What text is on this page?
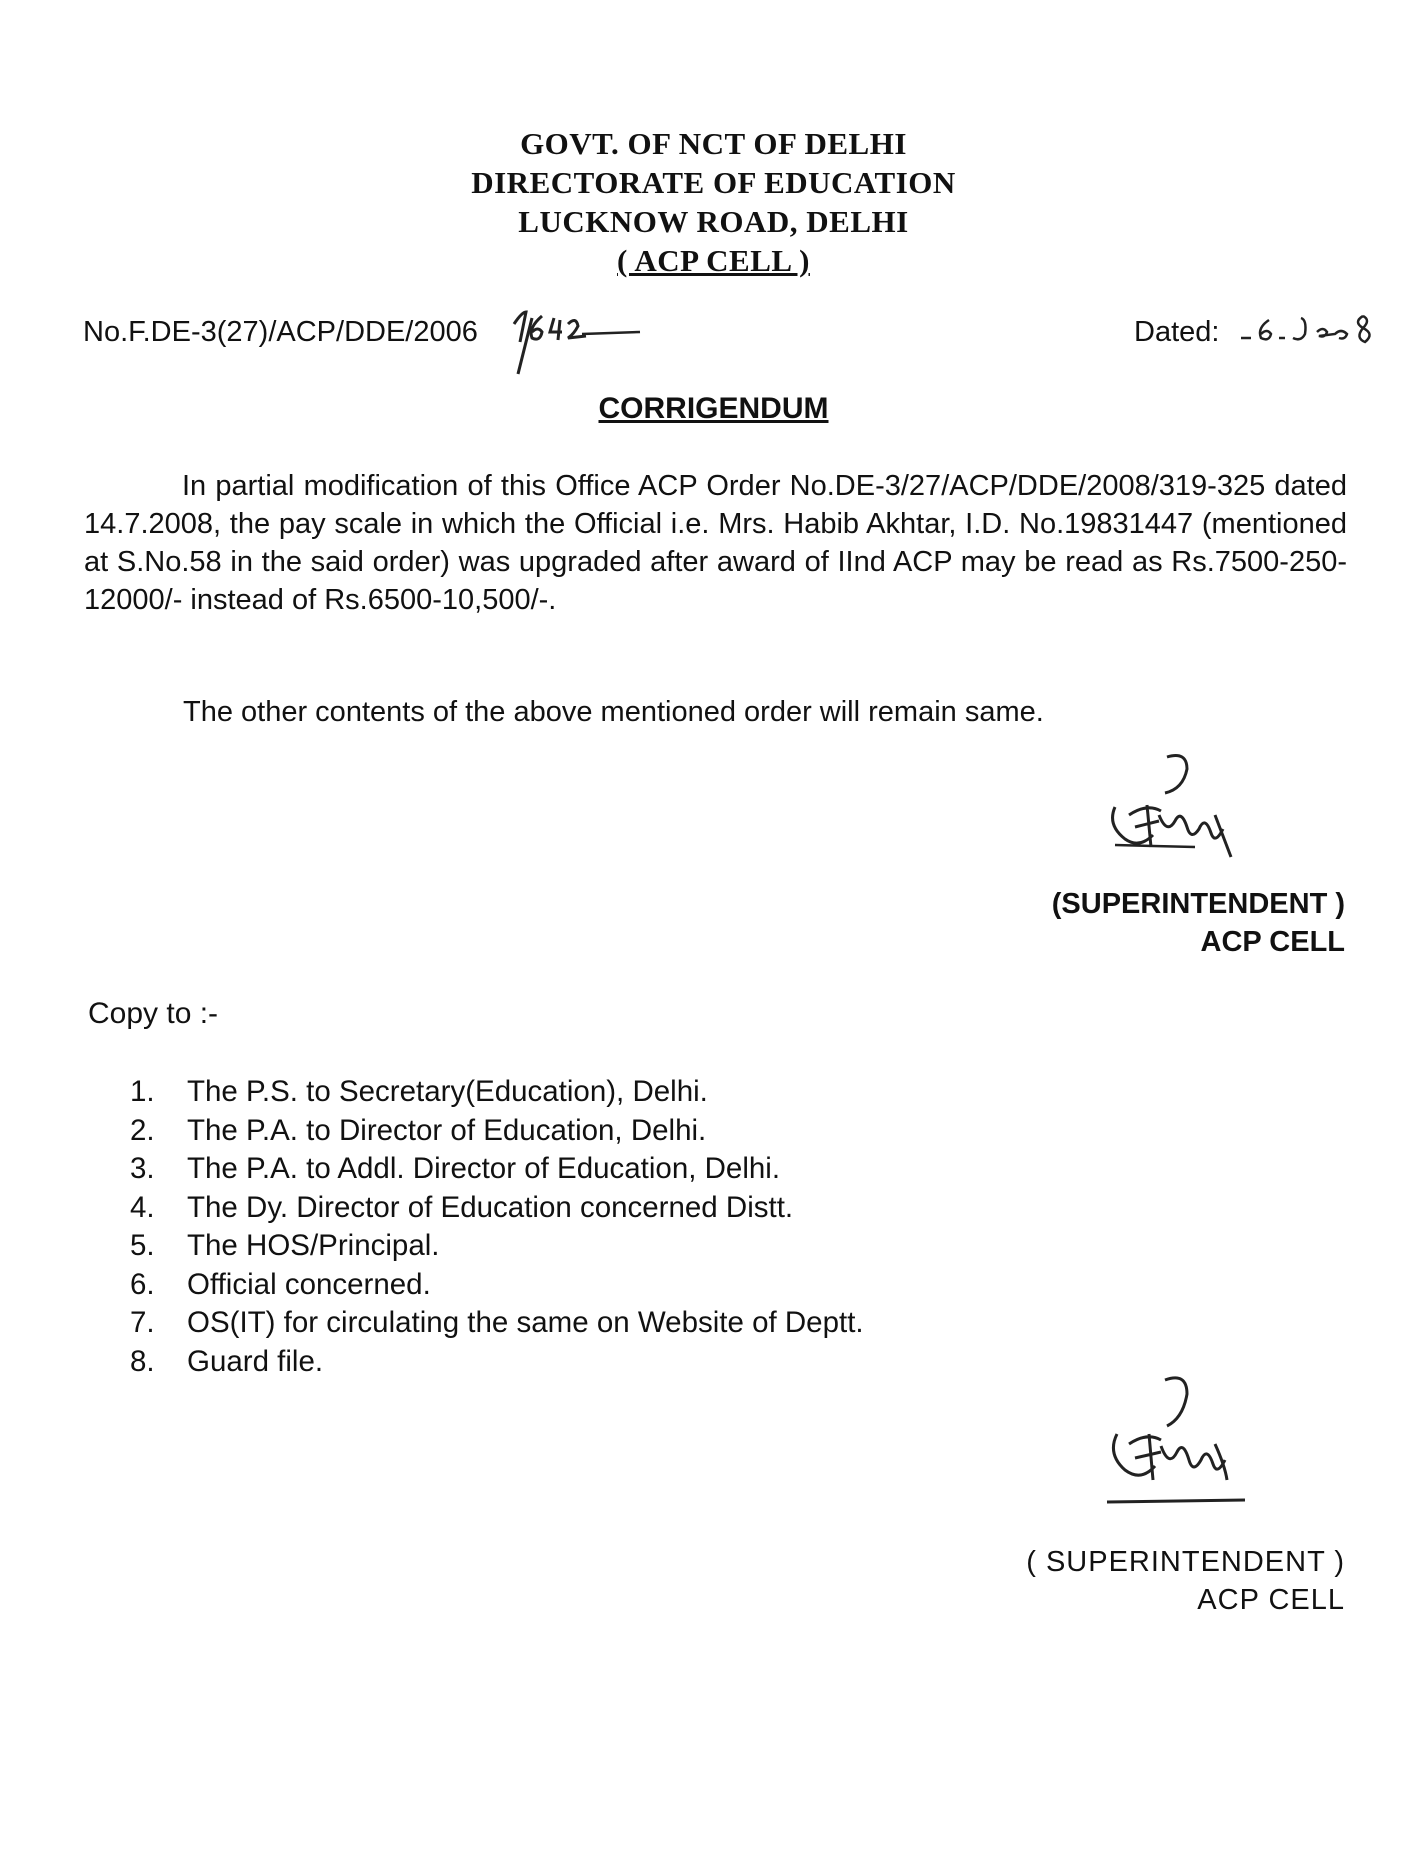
GOVT. OF NCT OF DELHI
DIRECTORATE OF EDUCATION
LUCKNOW ROAD, DELHI
( ACP CELL )
No.F.DE-3(27)/ACP/DDE/2006	Dated:
CORRIGENDUM
In partial modification of this Office ACP Order No.DE-3/27/ACP/DDE/2008/319-325 dated 14.7.2008, the pay scale in which the Official i.e. Mrs. Habib Akhtar, I.D. No.19831447 (mentioned at S.No.58 in the said order) was upgraded after award of IInd ACP may be read as Rs.7500-250-12000/- instead of Rs.6500-10,500/-.
The other contents of the above mentioned order will remain same.
(SUPERINTENDENT )
ACP CELL
Copy to :-
1.	The P.S. to Secretary(Education), Delhi.
2.	The P.A. to Director of Education, Delhi.
3.	The P.A. to Addl. Director of Education, Delhi.
4.	The Dy. Director of Education concerned Distt.
5.	The HOS/Principal.
6.	Official concerned.
7.	OS(IT) for circulating the same on Website of Deptt.
8.	Guard file.
( SUPERINTENDENT )
ACP CELL
